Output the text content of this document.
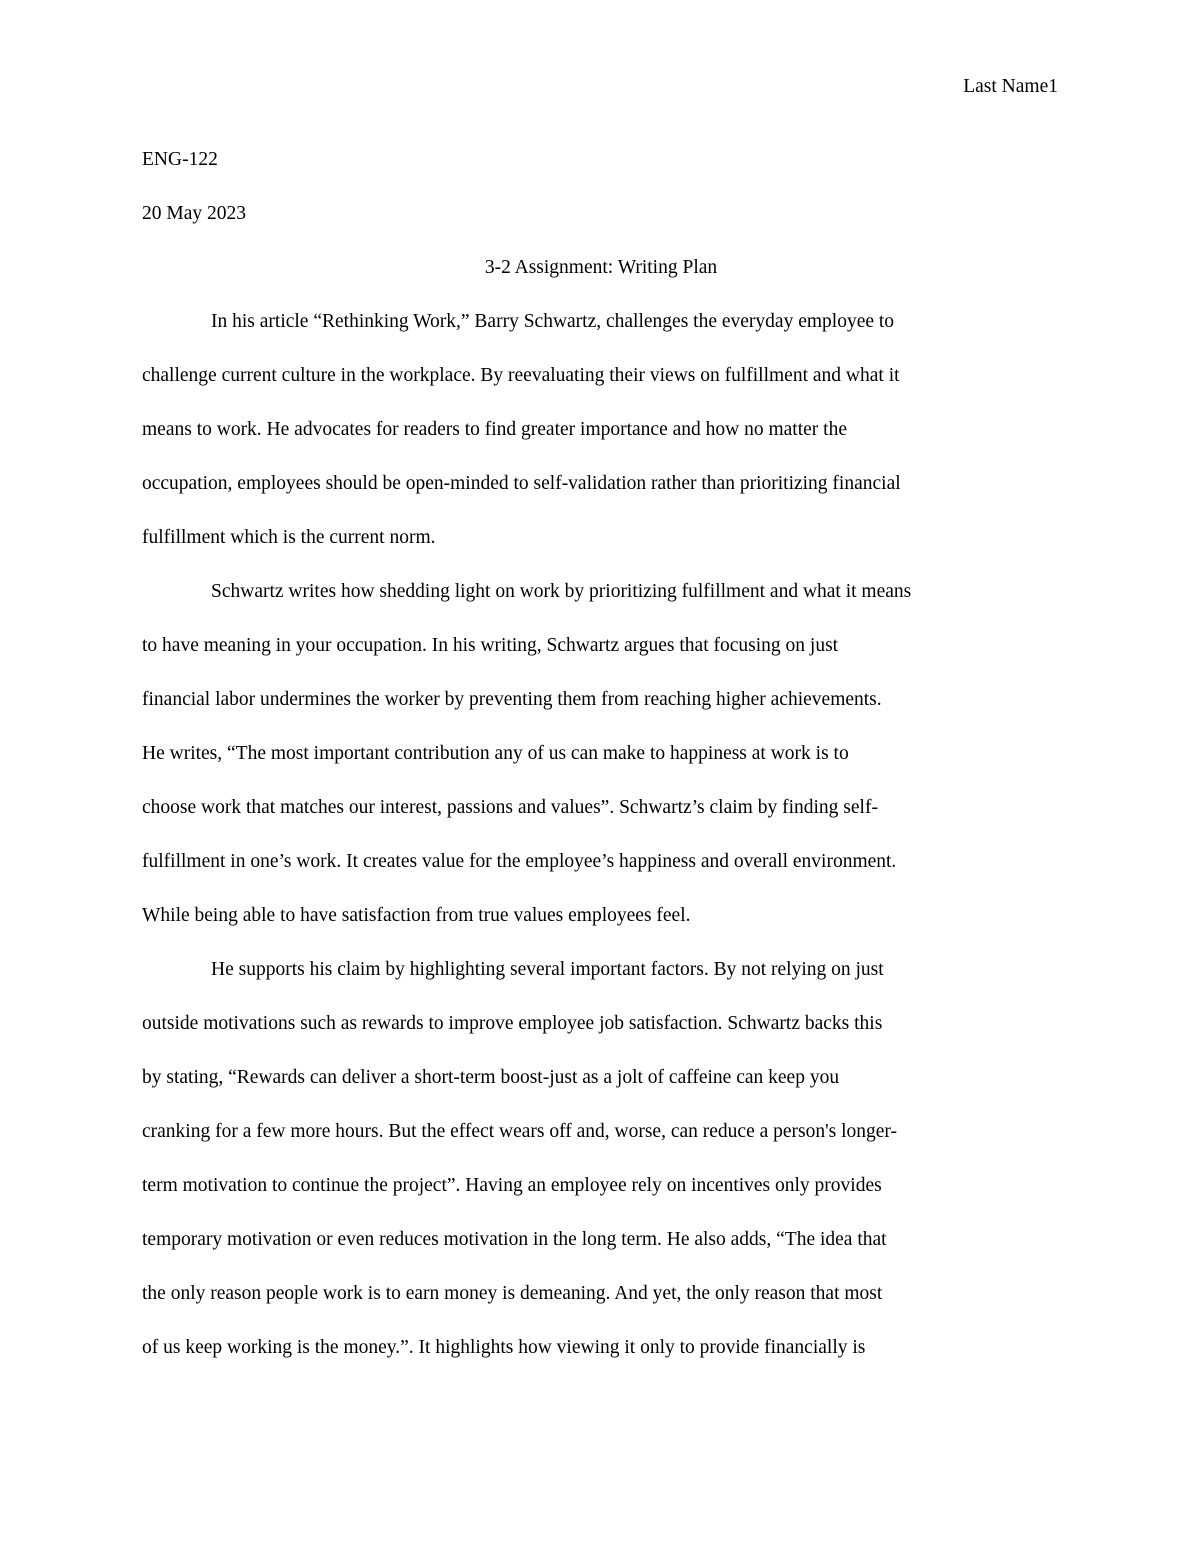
Last Name1
ENG-122
20 May 2023
3-2 Assignment: Writing Plan
In his article “Rethinking Work,” Barry Schwartz, challenges the everyday employee to
challenge current culture in the workplace. By reevaluating their views on fulfillment and what it
means to work. He advocates for readers to find greater importance and how no matter the
occupation, employees should be open-minded to self-validation rather than prioritizing financial
fulfillment which is the current norm.
Schwartz writes how shedding light on work by prioritizing fulfillment and what it means
to have meaning in your occupation. In his writing, Schwartz argues that focusing on just
financial labor undermines the worker by preventing them from reaching higher achievements.
He writes, “The most important contribution any of us can make to happiness at work is to
choose work that matches our interest, passions and values”. Schwartz’s claim by finding self-
fulfillment in one’s work. It creates value for the employee’s happiness and overall environment.
While being able to have satisfaction from true values employees feel.
He supports his claim by highlighting several important factors. By not relying on just
outside motivations such as rewards to improve employee job satisfaction. Schwartz backs this
by stating, “Rewards can deliver a short-term boost-just as a jolt of caffeine can keep you
cranking for a few more hours. But the effect wears off and, worse, can reduce a person's longer-
term motivation to continue the project”. Having an employee rely on incentives only provides
temporary motivation or even reduces motivation in the long term. He also adds, “The idea that
the only reason people work is to earn money is demeaning. And yet, the only reason that most
of us keep working is the money.”. It highlights how viewing it only to provide financially is
